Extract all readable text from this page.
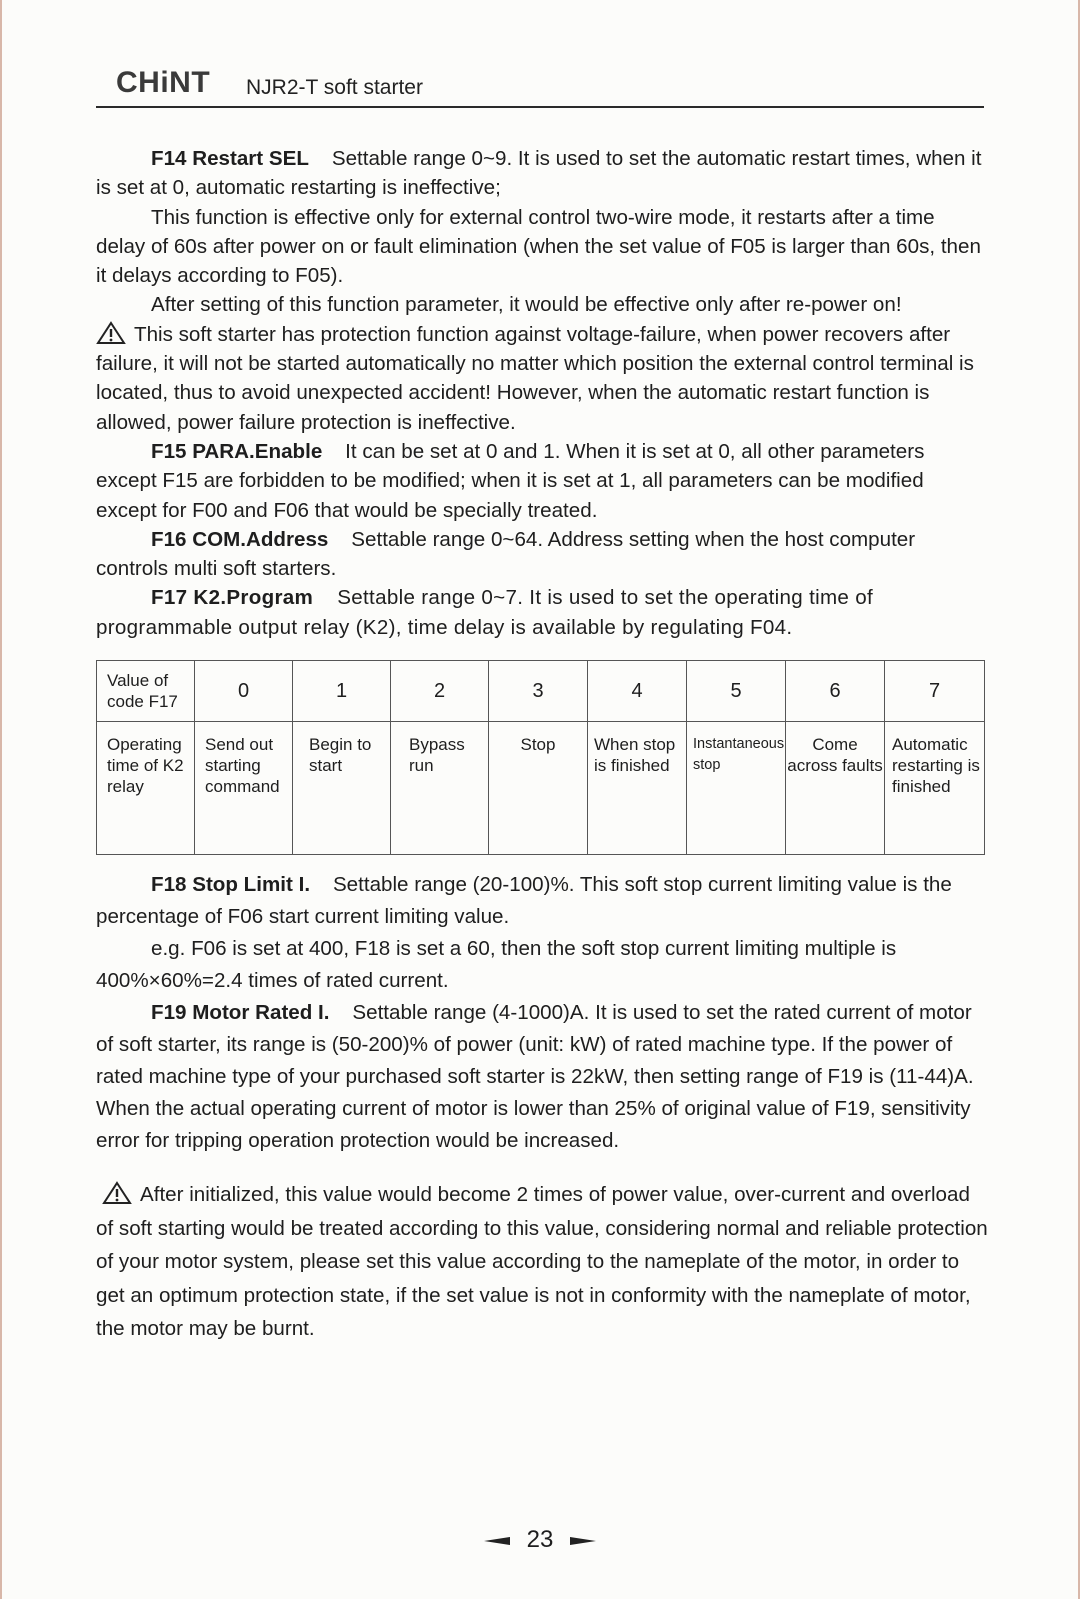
CHiNT NJR2-T soft starter

F14 Restart SEL Settable range 0~9. It is used to set the automatic restart times, when it is set at 0, automatic restarting is ineffective;

This function is effective only for external control two-wire mode, it restarts after a time delay of 60s after power on or fault elimination (when the set value of F05 is larger than 60s, then it delays according to F05).

After setting of this function parameter, it would be effective only after re-power on!

This soft starter has protection function against voltage-failure, when power recovers after failure, it will not be started automatically no matter which position the external control terminal is located, thus to avoid unexpected accident! However, when the automatic restart function is allowed, power failure protection is ineffective.

F15 PARA.Enable It can be set at 0 and 1. When it is set at 0, all other parameters except F15 are forbidden to be modified; when it is set at 1, all parameters can be modified except for F00 and F06 that would be specially treated.

F16 COM.Address Settable range 0~64. Address setting when the host computer controls multi soft starters.

F17 K2.Program Settable range 0~7. It is used to set the operating time of programmable output relay (K2), time delay is available by regulating F04.

Value of code F17	0	1	2	3	4	5	6	7
Operating time of K2 relay	Send out starting command	Begin to start	Bypass run	Stop	When stop is finished	Instantaneous stop	Come across faults	Automatic restarting is finished

F18 Stop Limit I. Settable range (20-100)%. This soft stop current limiting value is the percentage of F06 start current limiting value.

e.g. F06 is set at 400, F18 is set a 60, then the soft stop current limiting multiple is 400%×60%=2.4 times of rated current.

F19 Motor Rated I. Settable range (4-1000)A. It is used to set the rated current of motor of soft starter, its range is (50-200)% of power (unit: kW) of rated machine type. If the power of rated machine type of your purchased soft starter is 22kW, then setting range of F19 is (11-44)A. When the actual operating current of motor is lower than 25% of original value of F19, sensitivity error for tripping operation protection would be increased.

After initialized, this value would become 2 times of power value, over-current and overload of soft starting would be treated according to this value, considering normal and reliable protection of your motor system, please set this value according to the nameplate of the motor, in order to get an optimum protection state, if the set value is not in conformity with the nameplate of motor, the motor may be burnt.

23
